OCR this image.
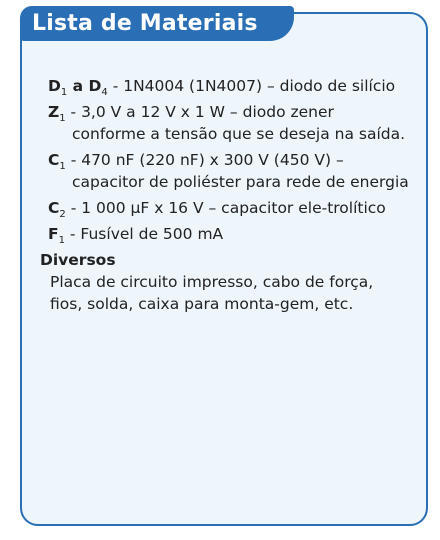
Lista de Materiais
$D_1$ a $D_4 - 1N4004$ (1N4007) – diodo de silício
$Z_1 - 3,0$ V a 12 V x 1 W – diodo zener conforme a tensão que se deseja na saída.
$C_1 - 470$ nF (220 nF) x 300 V (450 V) – capacitor de poliéster para rede de energia
$C_2 - 1$ 000 µF x 16 V – capacitor ele-trolítico
$F_1$ - Fusível de 500 mA
Diversos
Placa de circuito impresso, cabo de força, fios, solda, caixa para monta-gem, etc.
